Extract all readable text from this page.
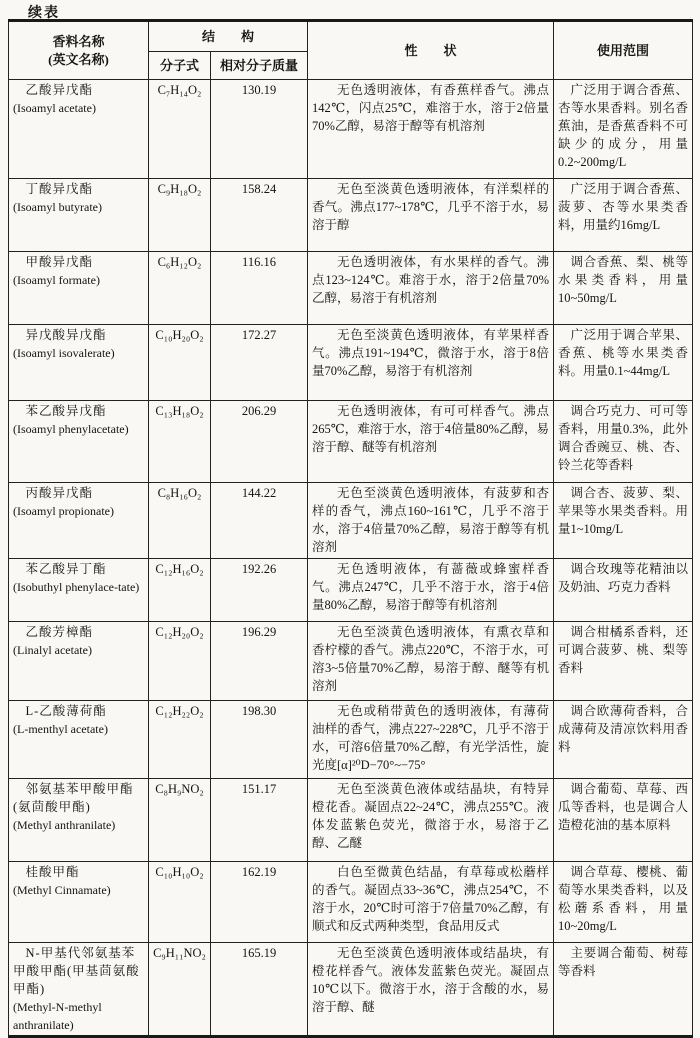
续表
香料名称
(英文名称)	结　　构		性　　状	使用范围
	分子式	相对分子质量		

乙酸异戊酯
(Isoamyl acetate)	C₇H₁₄O₂	130.19	无色透明液体，有香蕉样香气。沸点142℃，闪点25℃，难溶于水，溶于2倍量70%乙醇，易溶于醇等有机溶剂	广泛用于调合香蕉、杏等水果香料。别名香蕉油，是香蕉香料不可缺少的成分，用量0.2~200mg/L

丁酸异戊酯
(Isoamyl butyrate)	C₉H₁₈O₂	158.24	无色至淡黄色透明液体，有洋梨样的香气。沸点177~178℃，几乎不溶于水，易溶于醇	广泛用于调合香蕉、菠萝、杏等水果类香料，用量约16mg/L

甲酸异戊酯
(Isoamyl formate)	C₆H₁₂O₂	116.16	无色透明液体，有水果样的香气。沸点123~124℃。难溶于水，溶于2倍量70%乙醇，易溶于有机溶剂	调合香蕉、梨、桃等水果类香料，用量10~50mg/L

异戊酸异戊酯
(Isoamyl isovalerate)	C₁₀H₂₀O₂	172.27	无色至淡黄色透明液体，有苹果样香气。沸点191~194℃，微溶于水，溶于8倍量70%乙醇，易溶于有机溶剂	广泛用于调合苹果、香蕉、桃等水果类香料。用量0.1~44mg/L

苯乙酸异戊酯
(Isoamyl phenylacetate)	C₁₃H₁₈O₂	206.29	无色透明液体，有可可样香气。沸点265℃，难溶于水，溶于4倍量80%乙醇，易溶于醇、醚等有机溶剂	调合巧克力、可可等香料，用量0.3%，此外调合香豌豆、桃、杏、铃兰花等香料

丙酸异戊酯
(Isoamyl propionate)	C₈H₁₆O₂	144.22	无色至淡黄色透明液体，有菠萝和杏样的香气，沸点160~161℃，几乎不溶于水，溶于4倍量70%乙醇，易溶于醇等有机溶剂	调合杏、菠萝、梨、苹果等水果类香料。用量1~10mg/L

苯乙酸异丁酯
(Isobuthyl phenylace-tate)	C₁₂H₁₆O₂	192.26	无色透明液体，有蔷薇或蜂蜜样香气。沸点247℃，几乎不溶于水，溶于4倍量80%乙醇，易溶于醇等有机溶剂	调合玫瑰等花精油以及奶油、巧克力香料

乙酸芳樟酯
(Linalyl acetate)	C₁₂H₂₀O₂	196.29	无色至淡黄色透明液体，有熏衣草和香柠檬的香气。沸点220℃，不溶于水，可溶3~5倍量70%乙醇，易溶于醇、醚等有机溶剂	调合柑橘系香料，还可调合菠萝、桃、梨等香料

L-乙酸薄荷酯
(L-menthyl acetate)	C₁₂H₂₂O₂	198.30	无色或稍带黄色的透明液体，有薄荷油样的香气，沸点227~228℃，几乎不溶于水，可溶6倍量70%乙醇，有光学活性，旋光度[α]²⁰D−70°~−75°	调合欧薄荷香料，合成薄荷及清凉饮料用香料

邻氨基苯甲酸甲酯(氨茴酸甲酯)
(Methyl anthranilate)	C₈H₉NO₂	151.17	无色至淡黄色液体或结晶块，有特异橙花香。凝固点22~24℃，沸点255℃。液体发蓝紫色荧光，微溶于水，易溶于乙醇、乙醚	调合葡萄、草莓、西瓜等香料，也是调合人造橙花油的基本原料

桂酸甲酯
(Methyl Cinnamate)	C₁₀H₁₀O₂	162.19	白色至微黄色结晶，有草莓或松蘑样的香气。凝固点33~36℃，沸点254℃，不溶于水，20℃时可溶于7倍量70%乙醇，有顺式和反式两种类型，食品用反式	调合草莓、樱桃、葡萄等水果类香料，以及松蘑系香料，用量10~20mg/L

N-甲基代邻氨基苯甲酸甲酯(甲基茴氨酸甲酯)
(Methyl-N-methyl anthranilate)	C₉H₁₁NO₂	165.19	无色至淡黄色透明液体或结晶块，有橙花样香气。液体发蓝紫色荧光。凝固点10℃以下。微溶于水，溶于含酸的水，易溶于醇、醚	主要调合葡萄、树莓等香料
